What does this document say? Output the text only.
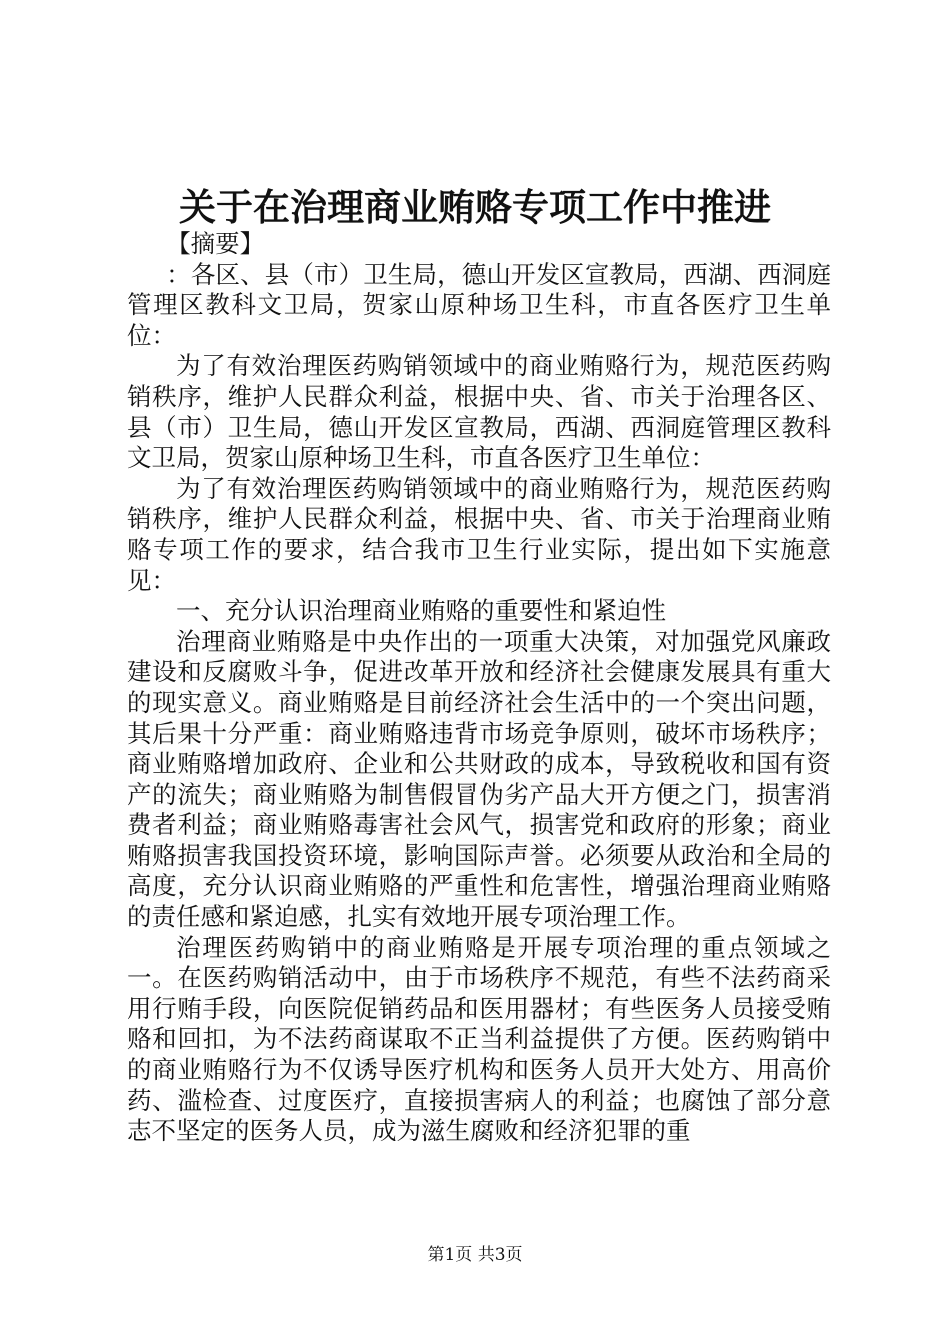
关于在治理商业贿赂专项工作中推进

【摘要】

：各区、县（市）卫生局，德山开发区宣教局，西湖、西洞庭管理区教科文卫局，贺家山原种场卫生科，市直各医疗卫生单位：

为了有效治理医药购销领域中的商业贿赂行为，规范医药购销秩序，维护人民群众利益，根据中央、省、市关于治理各区、县（市）卫生局，德山开发区宣教局，西湖、西洞庭管理区教科文卫局，贺家山原种场卫生科，市直各医疗卫生单位：

为了有效治理医药购销领域中的商业贿赂行为，规范医药购销秩序，维护人民群众利益，根据中央、省、市关于治理商业贿赂专项工作的要求，结合我市卫生行业实际，提出如下实施意见：

一、充分认识治理商业贿赂的重要性和紧迫性

治理商业贿赂是中央作出的一项重大决策，对加强党风廉政建设和反腐败斗争，促进改革开放和经济社会健康发展具有重大的现实意义。商业贿赂是目前经济社会生活中的一个突出问题，其后果十分严重：商业贿赂违背市场竞争原则，破坏市场秩序；商业贿赂增加政府、企业和公共财政的成本，导致税收和国有资产的流失；商业贿赂为制售假冒伪劣产品大开方便之门，损害消费者利益；商业贿赂毒害社会风气，损害党和政府的形象；商业贿赂损害我国投资环境，影响国际声誉。必须要从政治和全局的高度，充分认识商业贿赂的严重性和危害性，增强治理商业贿赂的责任感和紧迫感，扎实有效地开展专项治理工作。

治理医药购销中的商业贿赂是开展专项治理的重点领域之一。在医药购销活动中，由于市场秩序不规范，有些不法药商采用行贿手段，向医院促销药品和医用器材；有些医务人员接受贿赂和回扣，为不法药商谋取不正当利益提供了方便。医药购销中的商业贿赂行为不仅诱导医疗机构和医务人员开大处方、用高价药、滥检查、过度医疗，直接损害病人的利益；也腐蚀了部分意志不坚定的医务人员，成为滋生腐败和经济犯罪的重

第1页 共3页
